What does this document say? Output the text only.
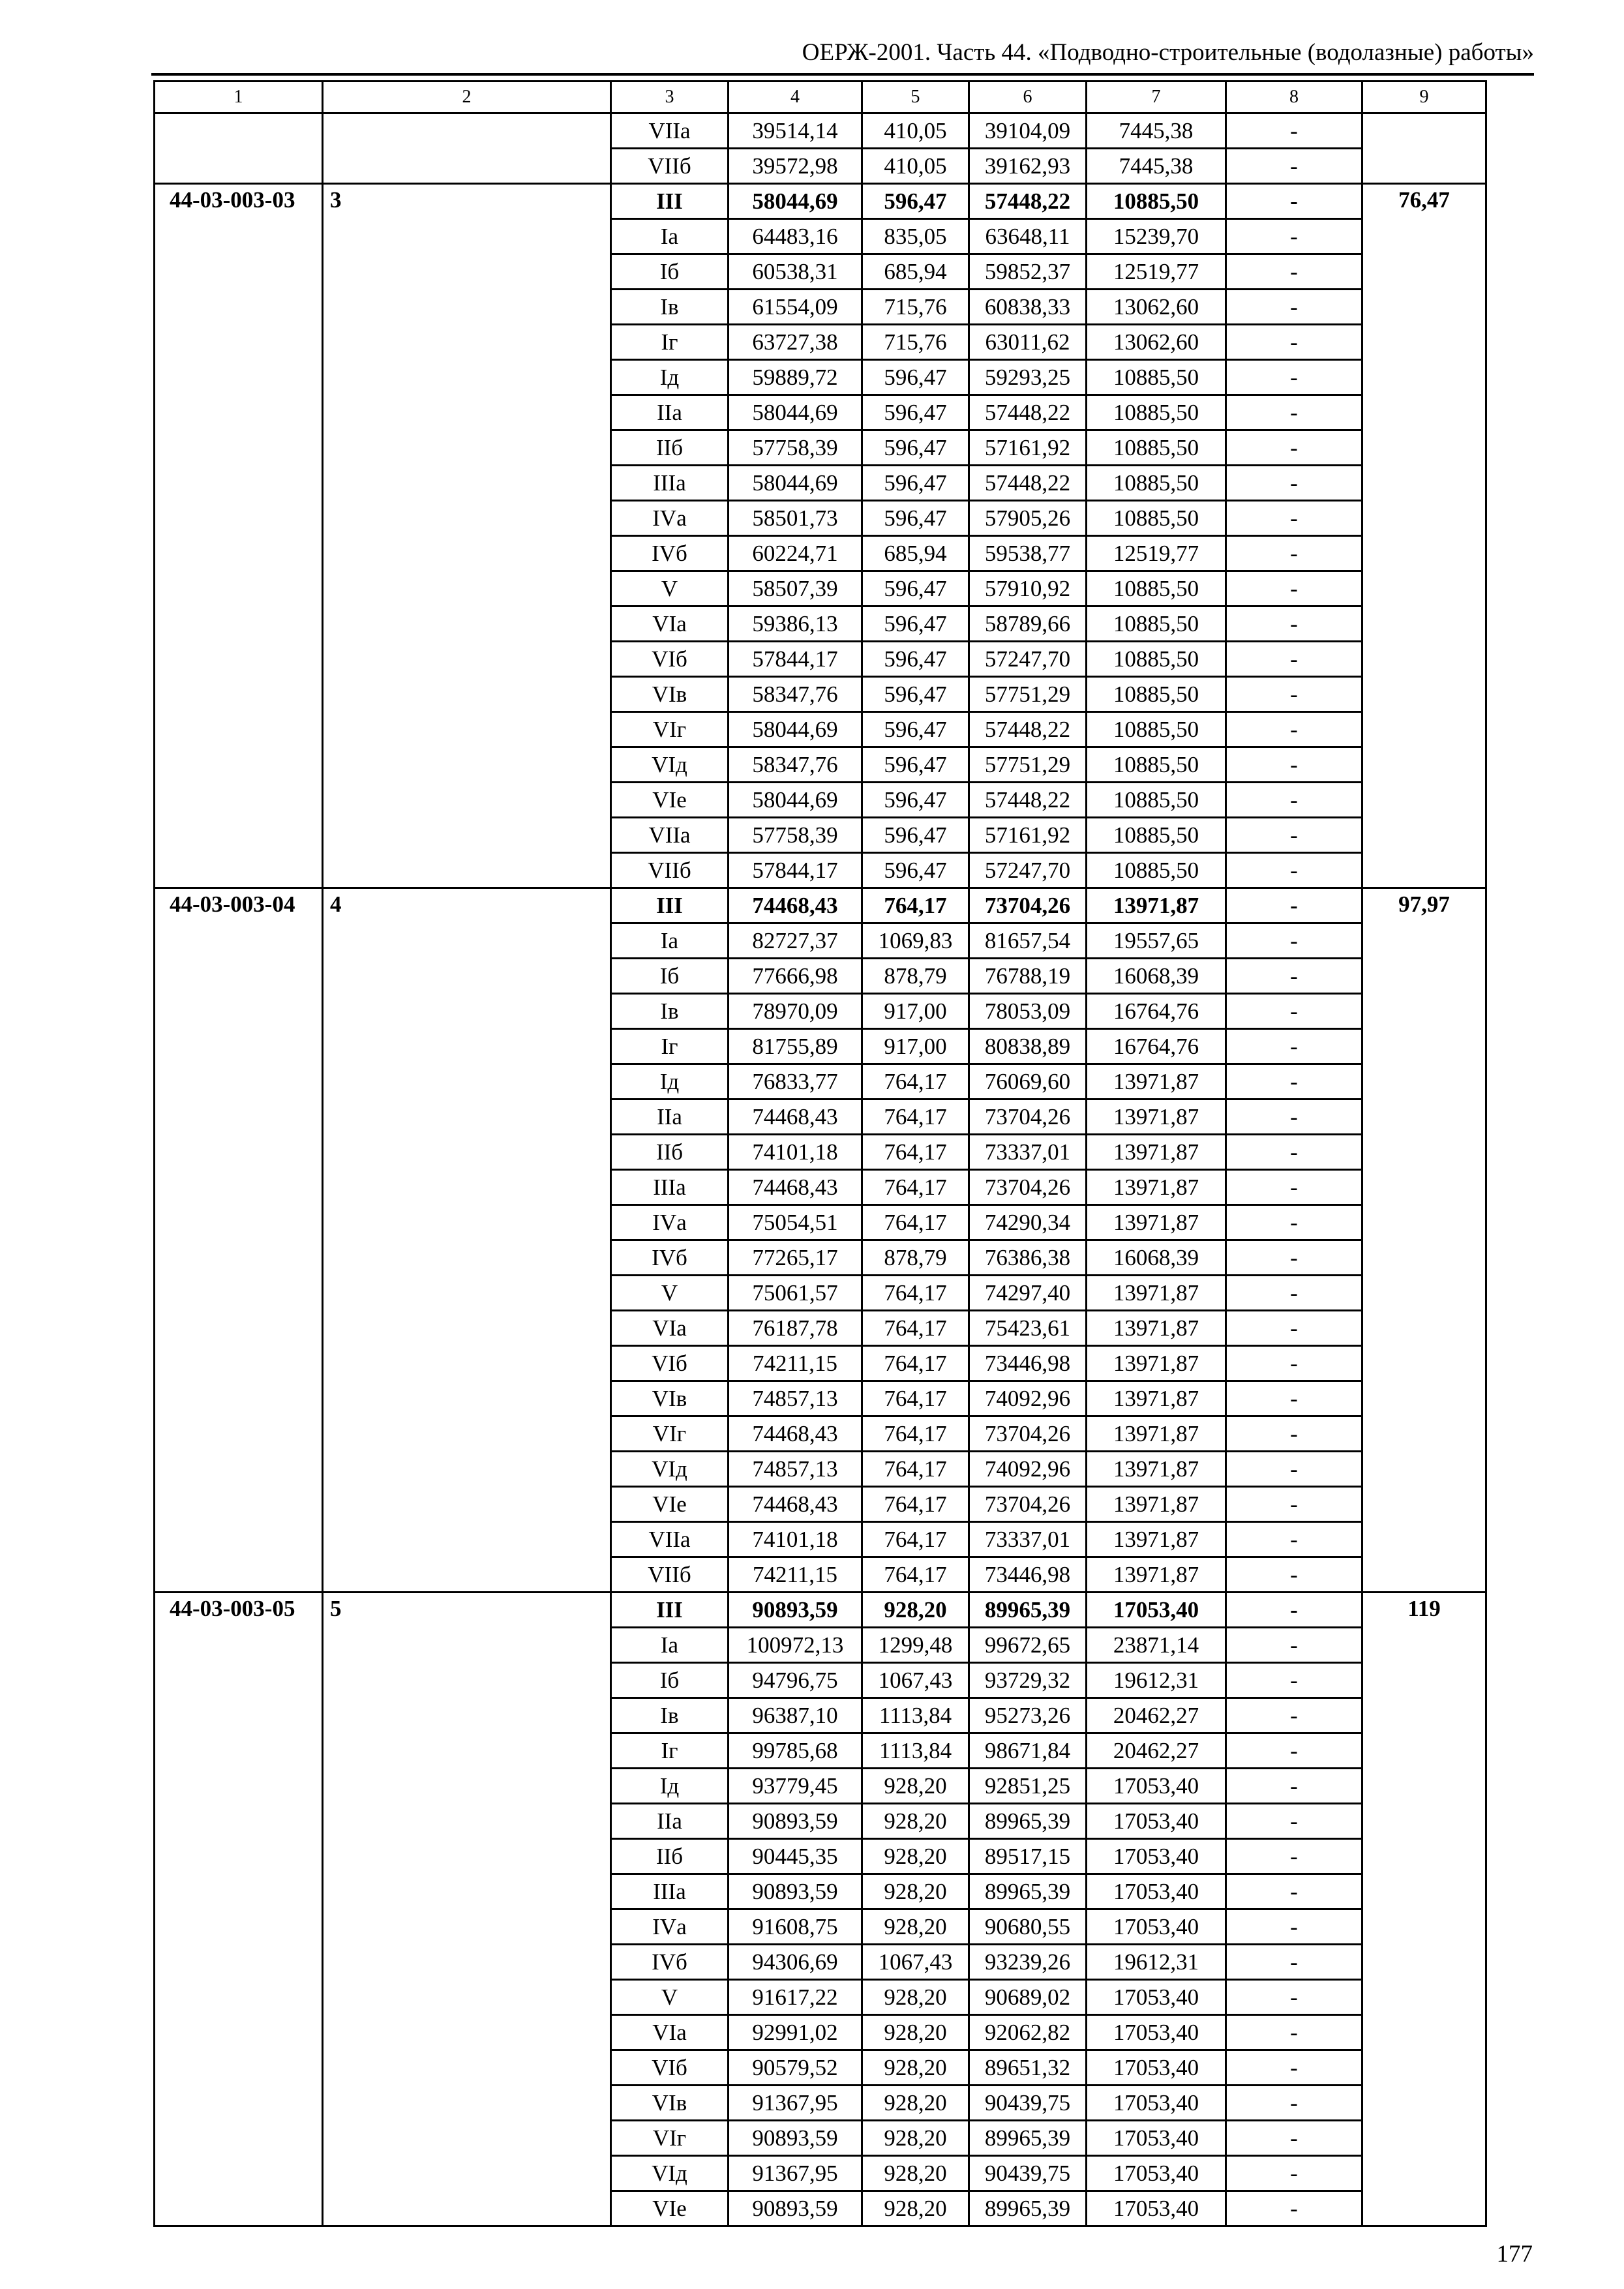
ОЕРЖ-2001. Часть 44. «Подводно-строительные (водолазные) работы»
1	2	3	4	5	6	7	8	9
		VIIа	39514,14	410,05	39104,09	7445,38	-	
		VIIб	39572,98	410,05	39162,93	7445,38	-	
44-03-003-03	3	III	58044,69	596,47	57448,22	10885,50	-	76,47
		Iа	64483,16	835,05	63648,11	15239,70	-	
		Iб	60538,31	685,94	59852,37	12519,77	-	
		Iв	61554,09	715,76	60838,33	13062,60	-	
		Iг	63727,38	715,76	63011,62	13062,60	-	
		Iд	59889,72	596,47	59293,25	10885,50	-	
		IIа	58044,69	596,47	57448,22	10885,50	-	
		IIб	57758,39	596,47	57161,92	10885,50	-	
		IIIа	58044,69	596,47	57448,22	10885,50	-	
		IVа	58501,73	596,47	57905,26	10885,50	-	
		IVб	60224,71	685,94	59538,77	12519,77	-	
		V	58507,39	596,47	57910,92	10885,50	-	
		VIа	59386,13	596,47	58789,66	10885,50	-	
		VIб	57844,17	596,47	57247,70	10885,50	-	
		VIв	58347,76	596,47	57751,29	10885,50	-	
		VIг	58044,69	596,47	57448,22	10885,50	-	
		VIд	58347,76	596,47	57751,29	10885,50	-	
		VIе	58044,69	596,47	57448,22	10885,50	-	
		VIIа	57758,39	596,47	57161,92	10885,50	-	
		VIIб	57844,17	596,47	57247,70	10885,50	-	
44-03-003-04	4	III	74468,43	764,17	73704,26	13971,87	-	97,97
		Iа	82727,37	1069,83	81657,54	19557,65	-	
		Iб	77666,98	878,79	76788,19	16068,39	-	
		Iв	78970,09	917,00	78053,09	16764,76	-	
		Iг	81755,89	917,00	80838,89	16764,76	-	
		Iд	76833,77	764,17	76069,60	13971,87	-	
		IIа	74468,43	764,17	73704,26	13971,87	-	
		IIб	74101,18	764,17	73337,01	13971,87	-	
		IIIа	74468,43	764,17	73704,26	13971,87	-	
		IVа	75054,51	764,17	74290,34	13971,87	-	
		IVб	77265,17	878,79	76386,38	16068,39	-	
		V	75061,57	764,17	74297,40	13971,87	-	
		VIа	76187,78	764,17	75423,61	13971,87	-	
		VIб	74211,15	764,17	73446,98	13971,87	-	
		VIв	74857,13	764,17	74092,96	13971,87	-	
		VIг	74468,43	764,17	73704,26	13971,87	-	
		VIд	74857,13	764,17	74092,96	13971,87	-	
		VIе	74468,43	764,17	73704,26	13971,87	-	
		VIIа	74101,18	764,17	73337,01	13971,87	-	
		VIIб	74211,15	764,17	73446,98	13971,87	-	
44-03-003-05	5	III	90893,59	928,20	89965,39	17053,40	-	119
		Iа	100972,13	1299,48	99672,65	23871,14	-	
		Iб	94796,75	1067,43	93729,32	19612,31	-	
		Iв	96387,10	1113,84	95273,26	20462,27	-	
		Iг	99785,68	1113,84	98671,84	20462,27	-	
		Iд	93779,45	928,20	92851,25	17053,40	-	
		IIа	90893,59	928,20	89965,39	17053,40	-	
		IIб	90445,35	928,20	89517,15	17053,40	-	
		IIIа	90893,59	928,20	89965,39	17053,40	-	
		IVа	91608,75	928,20	90680,55	17053,40	-	
		IVб	94306,69	1067,43	93239,26	19612,31	-	
		V	91617,22	928,20	90689,02	17053,40	-	
		VIа	92991,02	928,20	92062,82	17053,40	-	
		VIб	90579,52	928,20	89651,32	17053,40	-	
		VIв	91367,95	928,20	90439,75	17053,40	-	
		VIг	90893,59	928,20	89965,39	17053,40	-	
		VIд	91367,95	928,20	90439,75	17053,40	-	
		VIе	90893,59	928,20	89965,39	17053,40	-	
177
